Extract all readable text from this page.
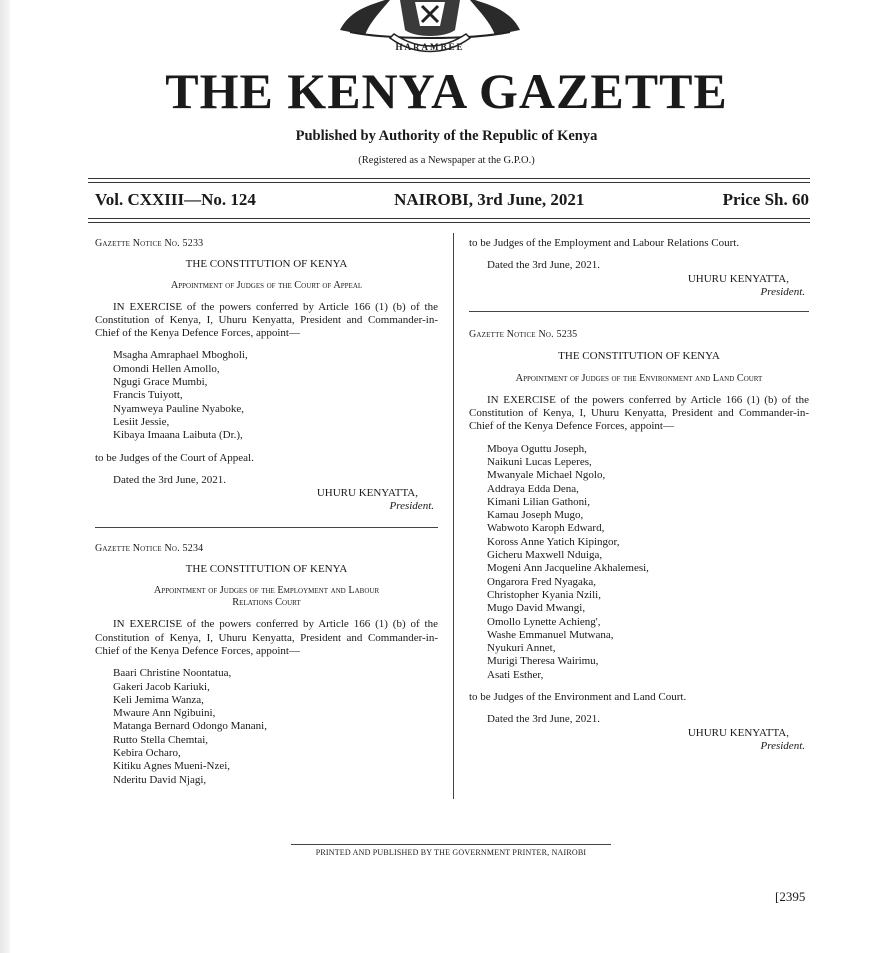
HARAMBEE
THE KENYA GAZETTE
Published by Authority of the Republic of Kenya
(Registered as a Newspaper at the G.P.O.)
Vol. CXXIII—No. 124	NAIROBI, 3rd June, 2021	Price Sh. 60

Gazette Notice No. 5233

THE CONSTITUTION OF KENYA

Appointment of Judges of the Court of Appeal

IN EXERCISE of the powers conferred by Article 166 (1) (b) of the Constitution of Kenya, I, Uhuru Kenyatta, President and Commander-in-Chief of the Kenya Defence Forces, appoint—

Msagha Amraphael Mbogholi,
Omondi Hellen Amollo,
Ngugi Grace Mumbi,
Francis Tuiyott,
Nyamweya Pauline Nyaboke,
Lesiit Jessie,
Kibaya Imaana Laibuta (Dr.),

to be Judges of the Court of Appeal.

Dated the 3rd June, 2021.

UHURU KENYATTA,

President.

Gazette Notice No. 5234

THE CONSTITUTION OF KENYA

Appointment of Judges of the Employment and Labour

Relations Court

IN EXERCISE of the powers conferred by Article 166 (1) (b) of the Constitution of Kenya, I, Uhuru Kenyatta, President and Commander-in-Chief of the Kenya Defence Forces, appoint—

Baari Christine Noontatua,
Gakeri Jacob Kariuki,
Keli Jemima Wanza,
Mwaure Ann Ngibuini,
Matanga Bernard Odongo Manani,
Rutto Stella Chemtai,
Kebira Ocharo,
Kitiku Agnes Mueni-Nzei,
Nderitu David Njagi,

to be Judges of the Employment and Labour Relations Court.

Dated the 3rd June, 2021.

UHURU KENYATTA,

President.

Gazette Notice No. 5235

THE CONSTITUTION OF KENYA

Appointment of Judges of the Environment and Land Court

IN EXERCISE of the powers conferred by Article 166 (1) (b) of the Constitution of Kenya, I, Uhuru Kenyatta, President and Commander-in-Chief of the Kenya Defence Forces, appoint—

Mboya Oguttu Joseph,
Naikuni Lucas Leperes,
Mwanyale Michael Ngolo,
Addraya Edda Dena,
Kimani Lilian Gathoni,
Kamau Joseph Mugo,
Wabwoto Karoph Edward,
Koross Anne Yatich Kipingor,
Gicheru Maxwell Nduiga,
Mogeni Ann Jacqueline Akhalemesi,
Ongarora Fred Nyagaka,
Christopher Kyania Nzili,
Mugo David Mwangi,
Omollo Lynette Achieng',
Washe Emmanuel Mutwana,
Nyukuri Annet,
Murigi Theresa Wairimu,
Asati Esther,

to be Judges of the Environment and Land Court.

Dated the 3rd June, 2021.

UHURU KENYATTA,

President.

PRINTED AND PUBLISHED BY THE GOVERNMENT PRINTER, NAIROBI
[2395
